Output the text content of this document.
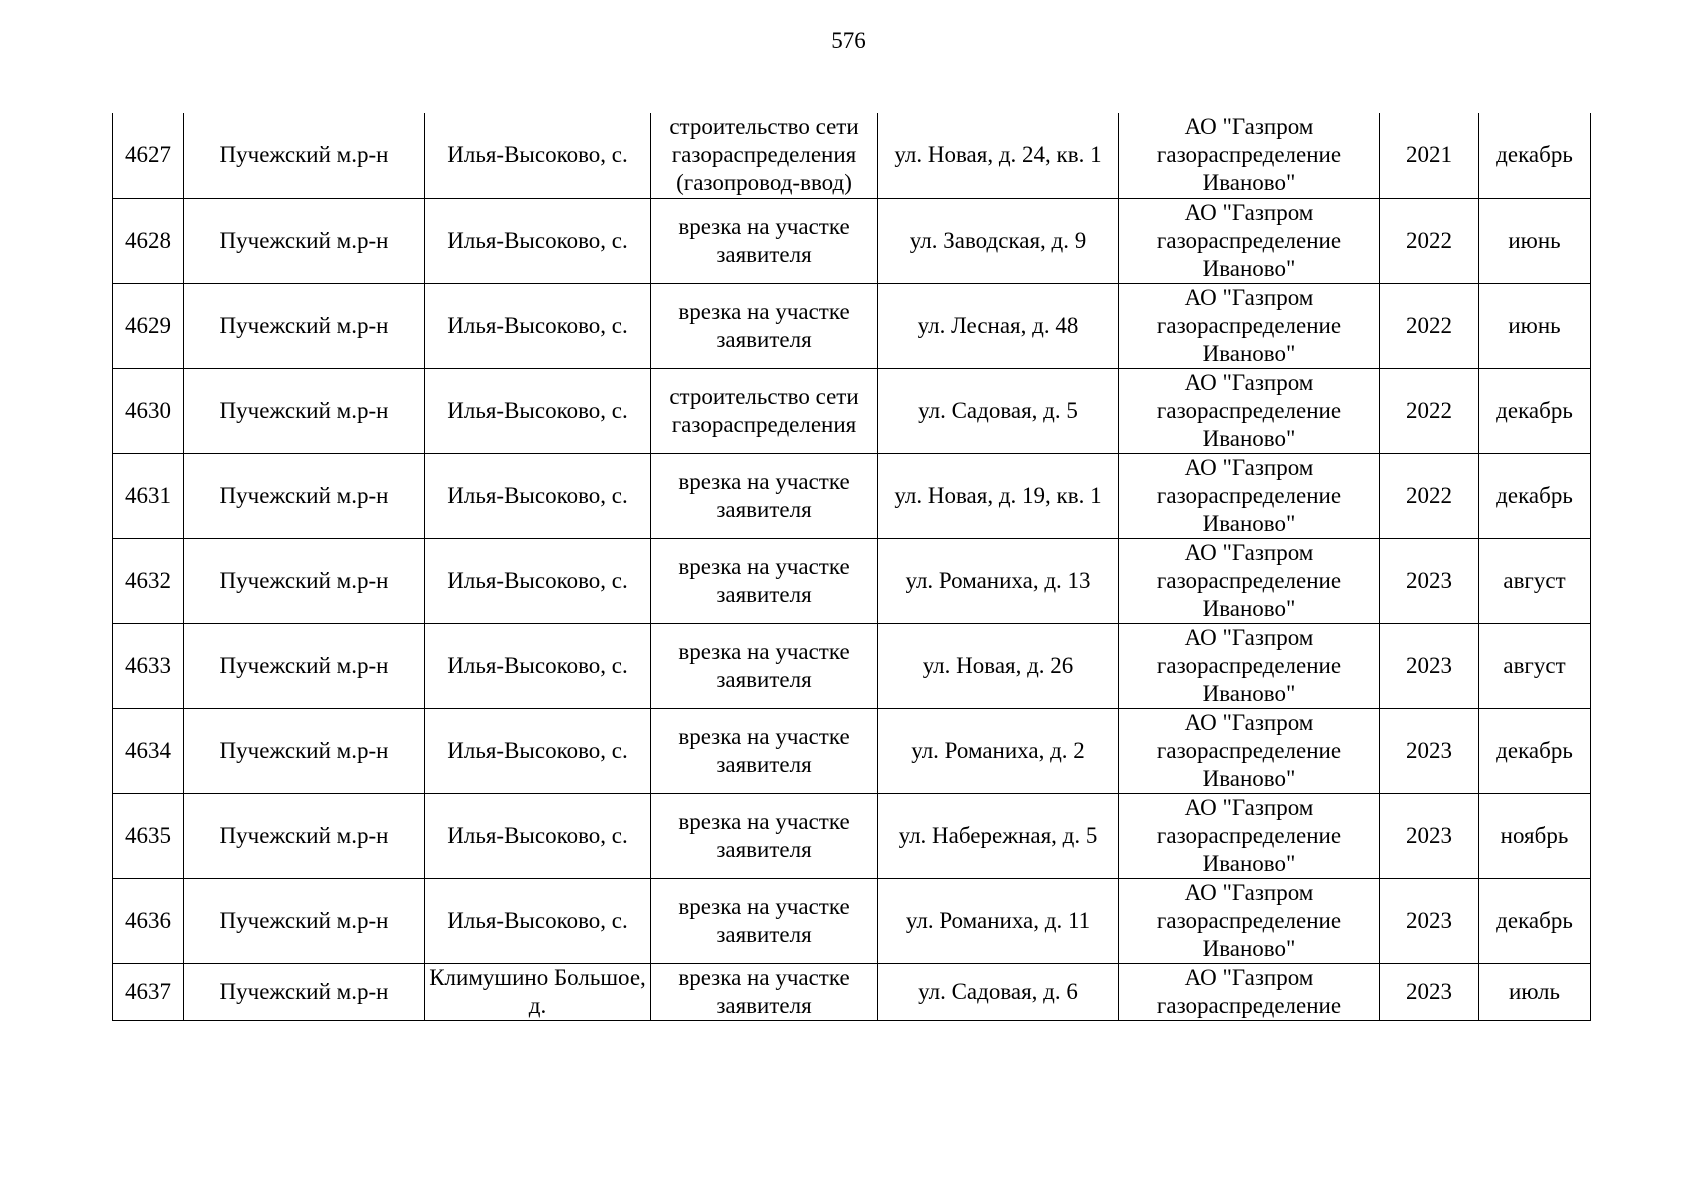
576
4627	Пучежский м.р-н	Илья-Высоково, с.	строительство сети газораспределения (газопровод-ввод)	ул. Новая, д. 24, кв. 1	АО "Газпром газораспределение Иваново"	2021	декабрь
4628	Пучежский м.р-н	Илья-Высоково, с.	врезка на участке заявителя	ул. Заводская, д. 9	АО "Газпром газораспределение Иваново"	2022	июнь
4629	Пучежский м.р-н	Илья-Высоково, с.	врезка на участке заявителя	ул. Лесная, д. 48	АО "Газпром газораспределение Иваново"	2022	июнь
4630	Пучежский м.р-н	Илья-Высоково, с.	строительство сети газораспределения	ул. Садовая, д. 5	АО "Газпром газораспределение Иваново"	2022	декабрь
4631	Пучежский м.р-н	Илья-Высоково, с.	врезка на участке заявителя	ул. Новая, д. 19, кв. 1	АО "Газпром газораспределение Иваново"	2022	декабрь
4632	Пучежский м.р-н	Илья-Высоково, с.	врезка на участке заявителя	ул. Романиха, д. 13	АО "Газпром газораспределение Иваново"	2023	август
4633	Пучежский м.р-н	Илья-Высоково, с.	врезка на участке заявителя	ул. Новая, д. 26	АО "Газпром газораспределение Иваново"	2023	август
4634	Пучежский м.р-н	Илья-Высоково, с.	врезка на участке заявителя	ул. Романиха, д. 2	АО "Газпром газораспределение Иваново"	2023	декабрь
4635	Пучежский м.р-н	Илья-Высоково, с.	врезка на участке заявителя	ул. Набережная, д. 5	АО "Газпром газораспределение Иваново"	2023	ноябрь
4636	Пучежский м.р-н	Илья-Высоково, с.	врезка на участке заявителя	ул. Романиха, д. 11	АО "Газпром газораспределение Иваново"	2023	декабрь
4637	Пучежский м.р-н	Климушино Большое, д.	врезка на участке заявителя	ул. Садовая, д. 6	АО "Газпром газораспределение	2023	июль
